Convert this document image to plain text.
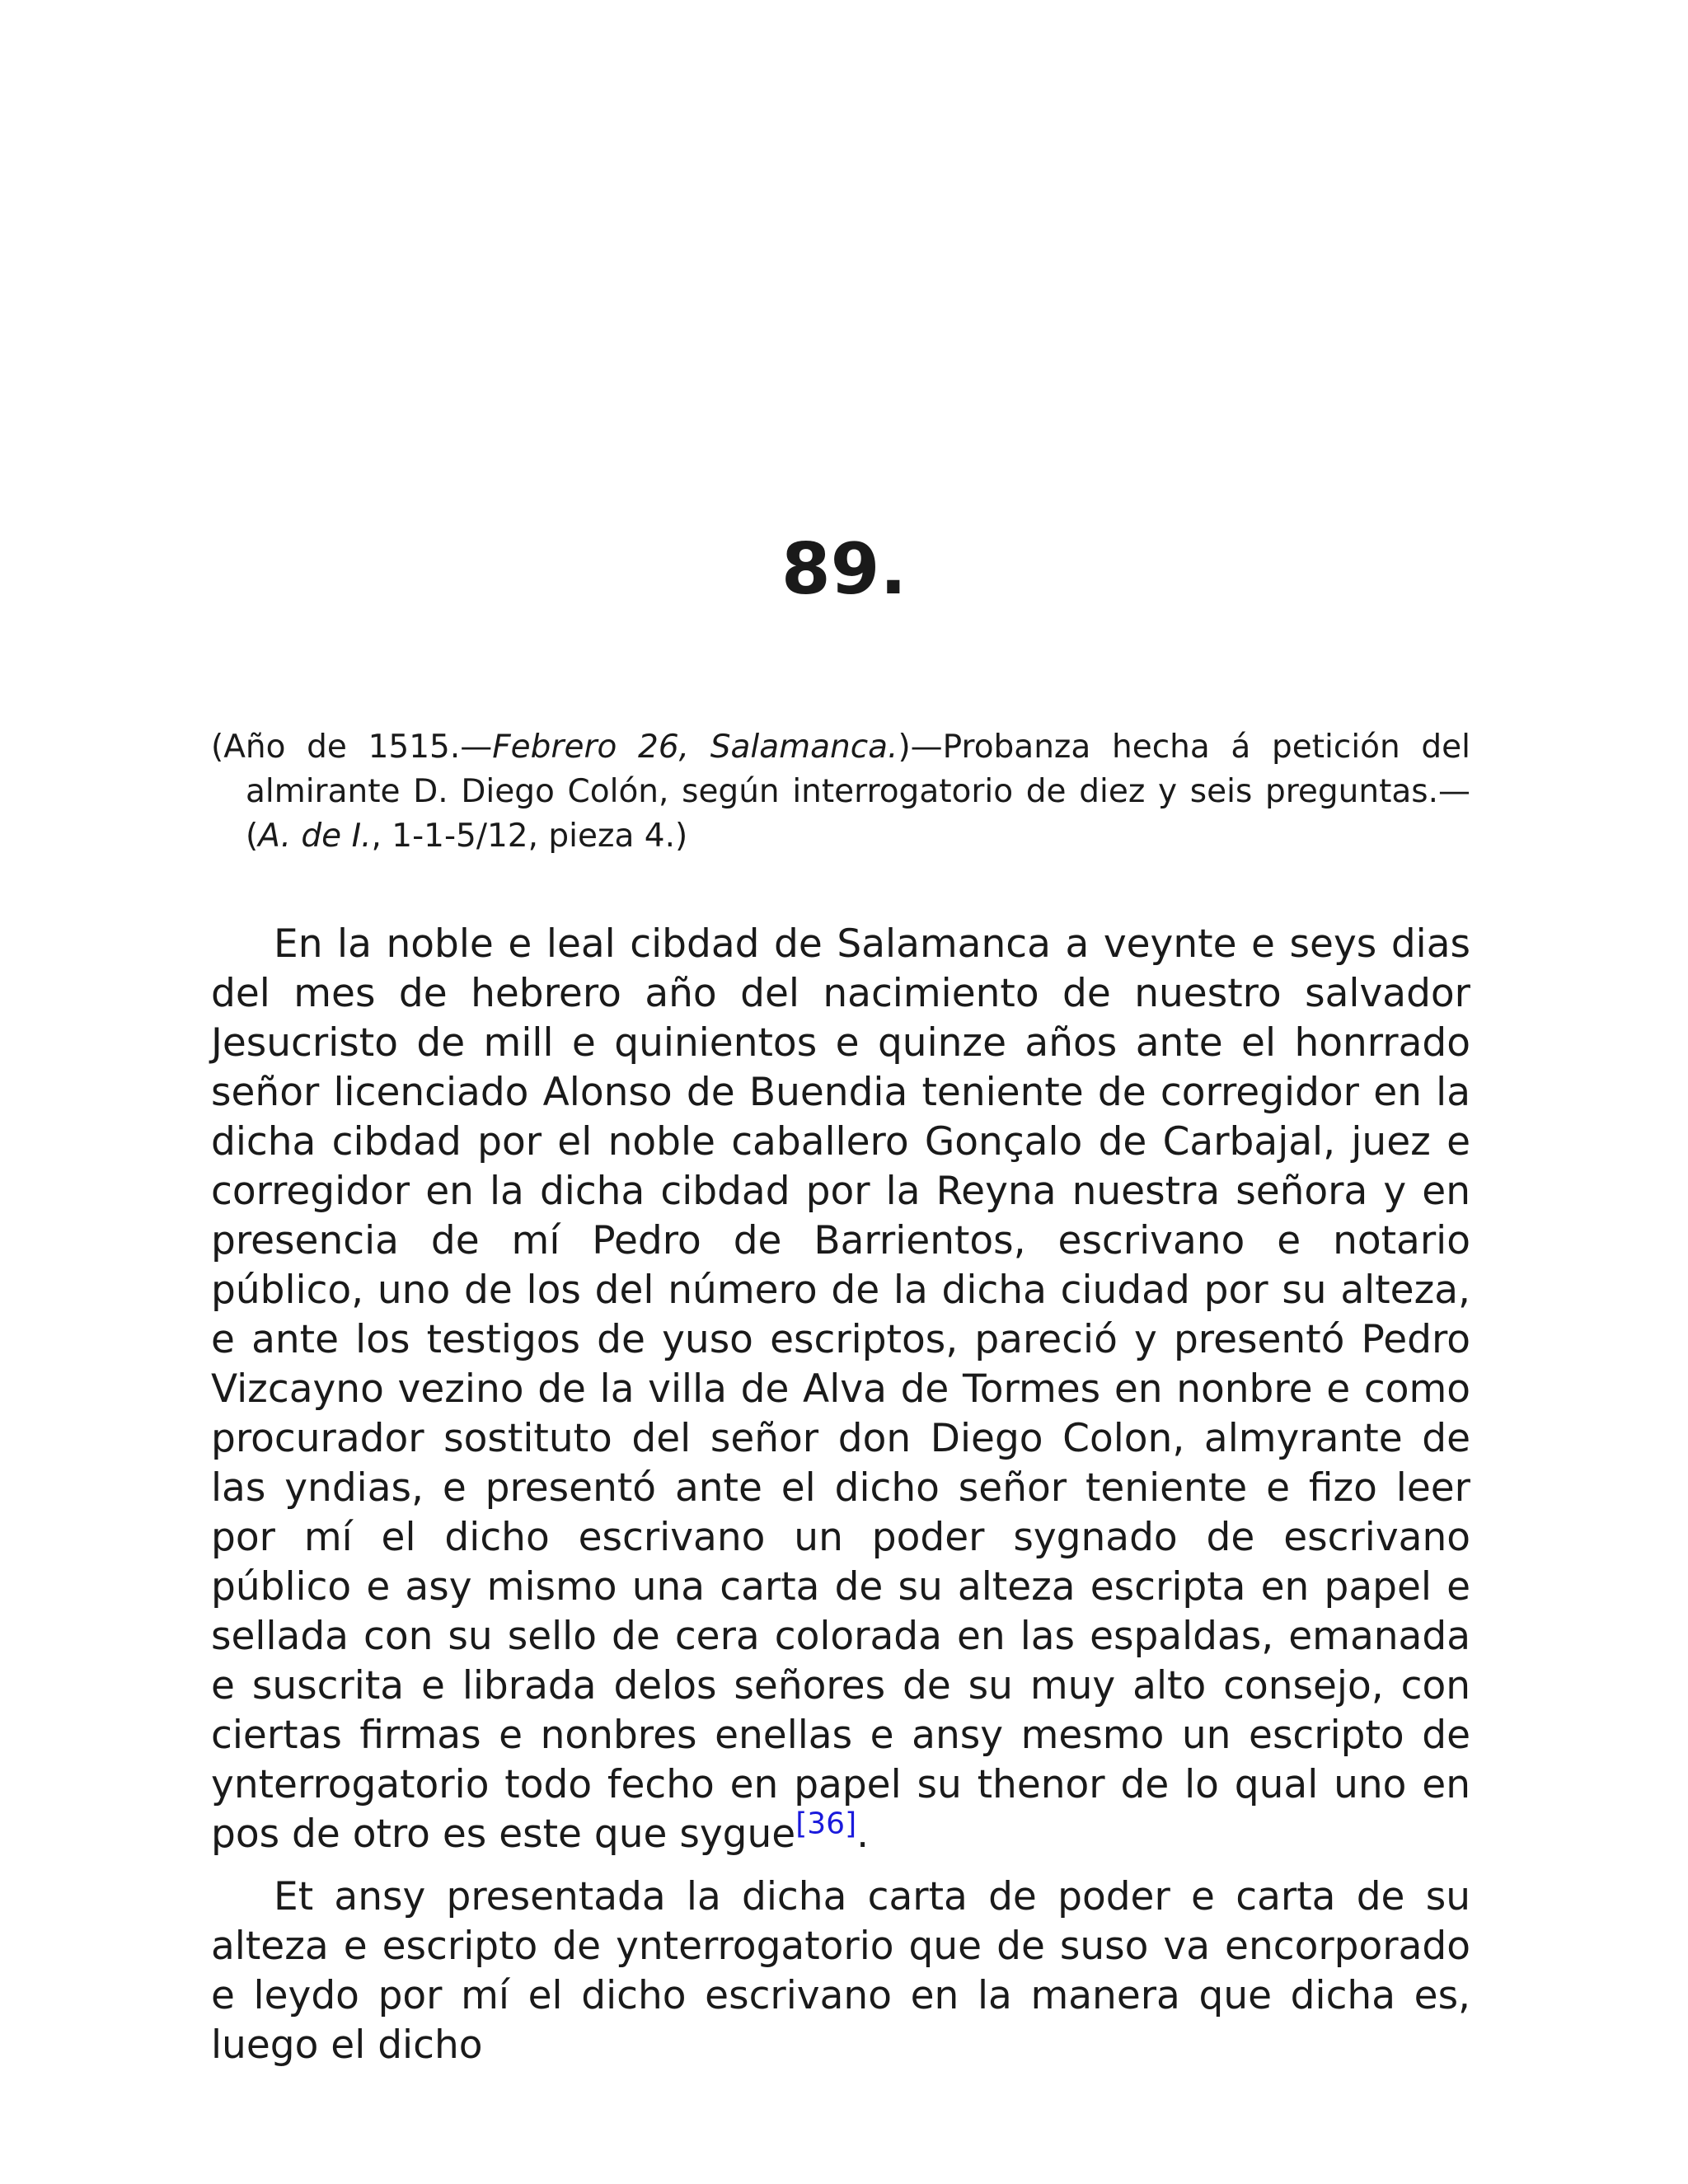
89.

(Año de 1515.—Febrero 26, Salamanca.)—Probanza hecha á petición del almirante D. Diego Colón, según interrogatorio de diez y seis preguntas.—(A. de I., 1-1-5/12, pieza 4.)

En la noble e leal cibdad de Salamanca a veynte e seys dias del mes de hebrero año del nacimiento de nuestro salvador Jesucristo de mill e quinientos e quinze años ante el honrrado señor licenciado Alonso de Buendia teniente de corregidor en la dicha cibdad por el noble caballero Gonçalo de Carbajal, juez e corregidor en la dicha cibdad por la Reyna nuestra señora y en presencia de mí Pedro de Barrientos, escrivano e notario público, uno de los del número de la dicha ciudad por su alteza, e ante los testigos de yuso escriptos, pareció y presentó Pedro Vizcayno vezino de la villa de Alva de Tormes en nonbre e como procurador sostituto del señor don Diego Colon, almyrante de las yndias, e presentó ante el dicho señor teniente e fizo leer por mí el dicho escrivano un poder sygnado de escrivano público e asy mismo una carta de su alteza escripta en papel e sellada con su sello de cera colorada en las espaldas, emanada e suscrita e librada delos señores de su muy alto consejo, con ciertas firmas e nonbres enellas e ansy mesmo un escripto de ynterrogatorio todo fecho en papel su thenor de lo qual uno en pos de otro es este que sygue[36].

Et ansy presentada la dicha carta de poder e carta de su alteza e escripto de ynterrogatorio que de suso va encorporado e leydo por mí el dicho escrivano en la manera que dicha es, luego el dicho
